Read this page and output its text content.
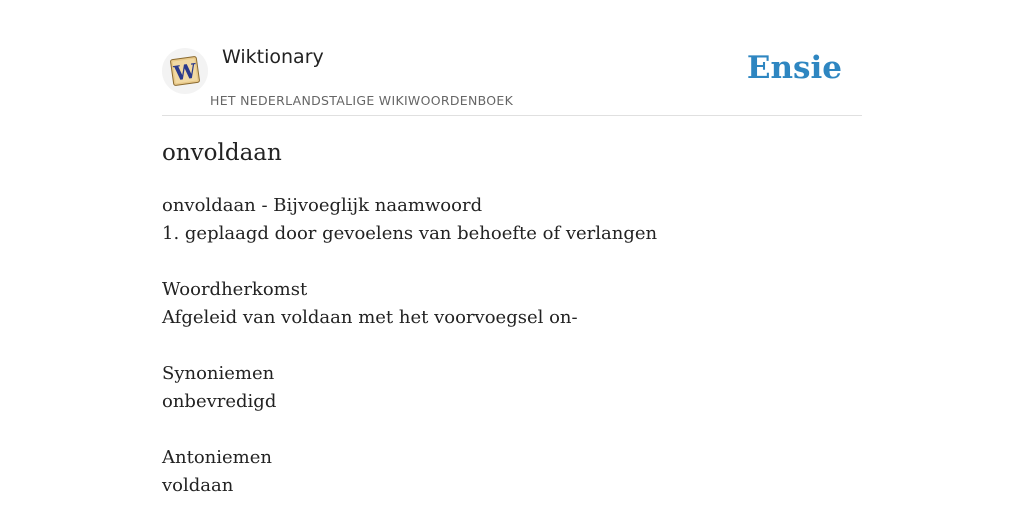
W
Wiktionary
HET NEDERLANDSTALIGE WIKIWOORDENBOEK
Ensie
onvoldaan

onvoldaan - Bijvoeglijk naamwoord

1. geplaagd door gevoelens van behoefte of verlangen

Woordherkomst

Afgeleid van voldaan met het voorvoegsel on-

Synoniemen

onbevredigd

Antoniemen

voldaan
